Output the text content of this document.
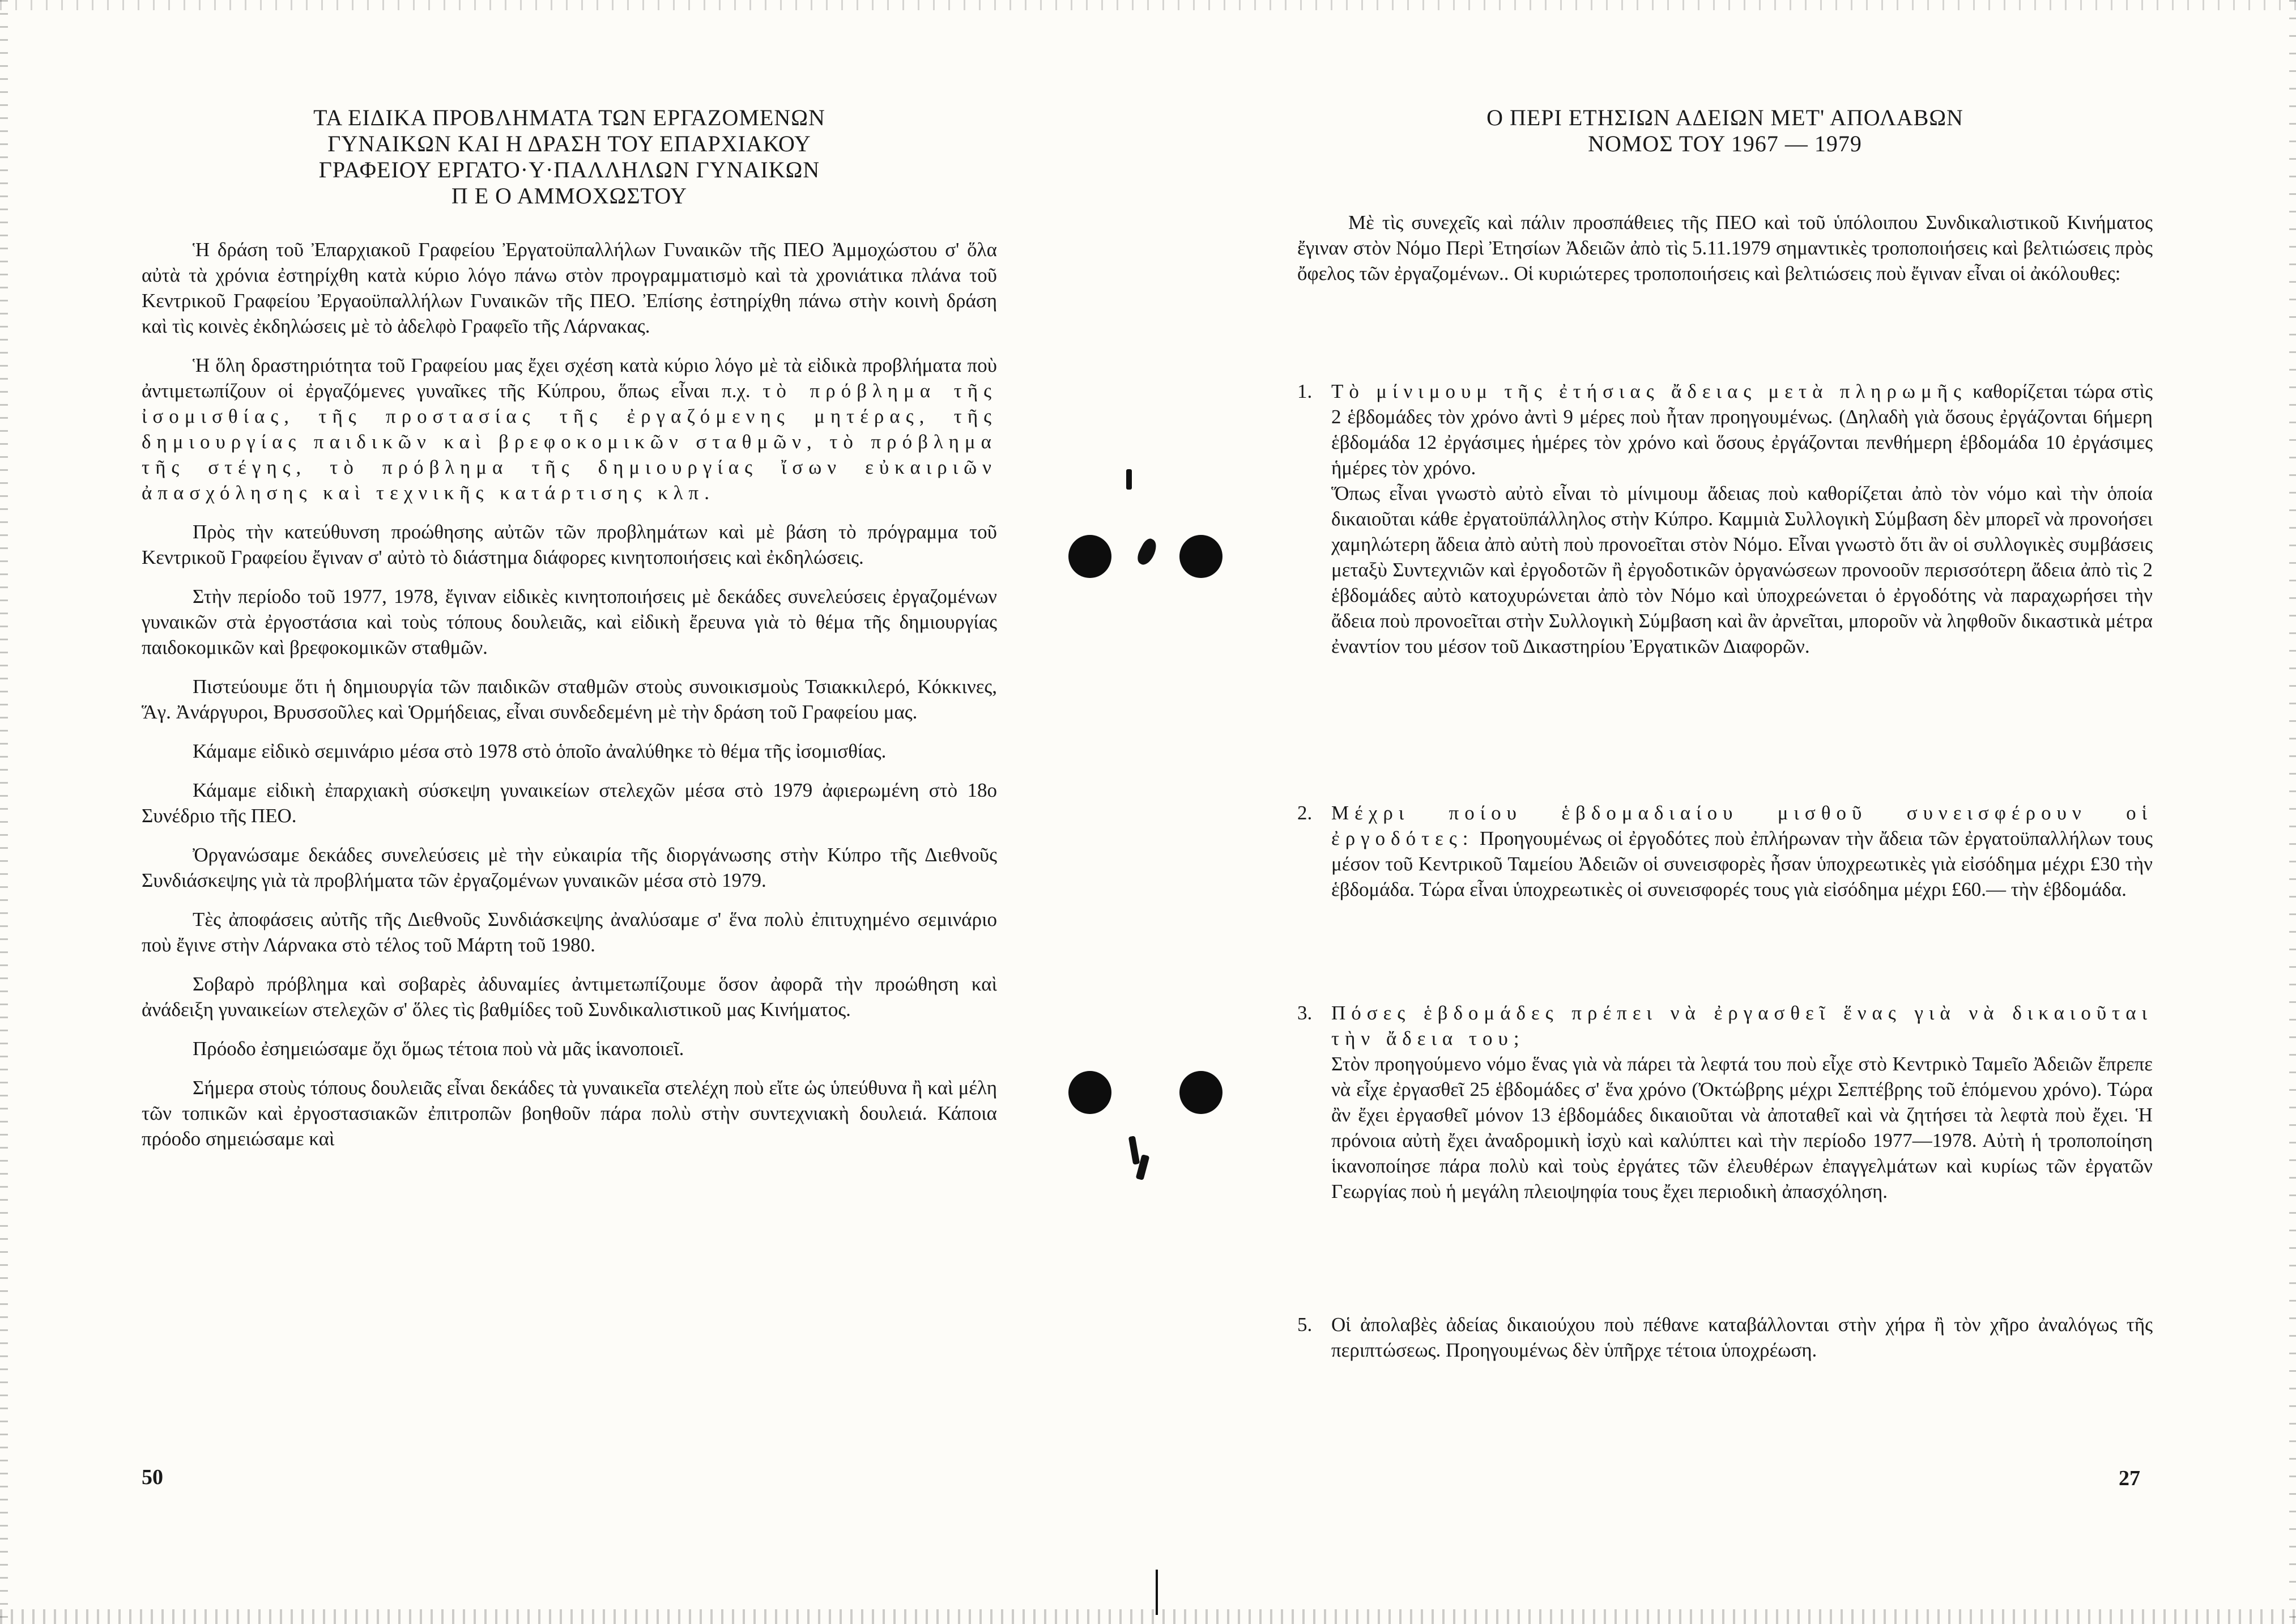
ΤΑ ΕΙΔΙΚΑ ΠΡΟΒΛΗΜΑΤΑ ΤΩΝ ΕΡΓΑΖΟΜΕΝΩΝ
ΓΥΝΑΙΚΩΝ ΚΑΙ Η ΔΡΑΣΗ ΤΟΥ ΕΠΑΡΧΙΑΚΟΥ
ΓΡΑΦΕΙΟΥ ΕΡΓΑΤΟ·Υ·ΠΑΛΛΗΛΩΝ ΓΥΝΑΙΚΩΝ
Π Ε Ο ΑΜΜΟΧΩΣΤΟΥ

Ἡ δράση τοῦ Ἐπαρχιακοῦ Γραφείου Ἐργατοϋπαλλήλων Γυναικῶν τῆς ΠΕΟ Ἀμμοχώστου σ' ὅλα αὐτὰ τὰ χρόνια ἐστηρίχθη κατὰ κύριο λόγο πάνω στὸν προγραμματισμὸ καὶ τὰ χρονιάτικα πλάνα τοῦ Κεντρικοῦ Γραφείου Ἐργαοϋπαλλήλων Γυναικῶν τῆς ΠΕΟ. Ἐπίσης ἐστηρίχθη πάνω στὴν κοινὴ δράση καὶ τὶς κοινὲς ἐκδηλώσεις μὲ τὸ ἀδελφὸ Γραφεῖο τῆς Λάρνακας.

Ἡ ὅλη δραστηριότητα τοῦ Γραφείου μας ἔχει σχέση κατὰ κύριο λόγο μὲ τὰ εἰδικὰ προβλήματα ποὺ ἀντιμετωπίζουν οἱ ἐργαζόμενες γυναῖκες τῆς Κύπρου, ὅπως εἶναι π.χ. τὸ πρόβλημα τῆς ἰσομισθίας, τῆς προστασίας τῆς ἐργαζόμενης μητέρας, τῆς δημιουργίας παιδικῶν καὶ βρεφοκομικῶν σταθμῶν, τὸ πρόβλημα τῆς στέγης, τὸ πρόβλημα τῆς δημιουργίας ἴσων εὐκαιριῶν ἀπασχόλησης καὶ τεχνικῆς κατάρτισης κλπ.

Πρὸς τὴν κατεύθυνση προώθησης αὐτῶν τῶν προβλημάτων καὶ μὲ βάση τὸ πρόγραμμα τοῦ Κεντρικοῦ Γραφείου ἔγιναν σ' αὐτὸ τὸ διάστημα διάφορες κινητοποιήσεις καὶ ἐκδηλώσεις.

Στὴν περίοδο τοῦ 1977, 1978, ἔγιναν εἰδικὲς κινητοποιήσεις μὲ δεκάδες συνελεύσεις ἐργαζομένων γυναικῶν στὰ ἐργοστάσια καὶ τοὺς τόπους δουλειᾶς, καὶ εἰδικὴ ἔρευνα γιὰ τὸ θέμα τῆς δημιουργίας παιδοκομικῶν καὶ βρεφοκομικῶν σταθμῶν.

Πιστεύουμε ὅτι ἡ δημιουργία τῶν παιδικῶν σταθμῶν στοὺς συνοικισμοὺς Τσιακκιλερό, Κόκκινες, Ἅγ. Ἀνάργυροι, Βρυσσοῦλες καὶ Ὁρμήδειας, εἶναι συνδεδεμένη μὲ τὴν δράση τοῦ Γραφείου μας.

Κάμαμε εἰδικὸ σεμινάριο μέσα στὸ 1978 στὸ ὁποῖο ἀναλύθηκε τὸ θέμα τῆς ἰσομισθίας.

Κάμαμε εἰδικὴ ἐπαρχιακὴ σύσκεψη γυναικείων στελεχῶν μέσα στὸ 1979 ἀφιερωμένη στὸ 18ο Συνέδριο τῆς ΠΕΟ.

Ὀργανώσαμε δεκάδες συνελεύσεις μὲ τὴν εὐκαιρία τῆς διοργάνωσης στὴν Κύπρο τῆς Διεθνοῦς Συνδιάσκεψης γιὰ τὰ προβλήματα τῶν ἐργαζομένων γυναικῶν μέσα στὸ 1979.

Τὲς ἀποφάσεις αὐτῆς τῆς Διεθνοῦς Συνδιάσκεψης ἀναλύσαμε σ' ἕνα πολὺ ἐπιτυχημένο σεμινάριο ποὺ ἔγινε στὴν Λάρνακα στὸ τέλος τοῦ Μάρτη τοῦ 1980.

Σοβαρὸ πρόβλημα καὶ σοβαρὲς ἀδυναμίες ἀντιμετωπίζουμε ὅσον ἀφορᾶ τὴν προώθηση καὶ ἀνάδειξη γυναικείων στελεχῶν σ' ὅλες τὶς βαθμίδες τοῦ Συνδικαλιστικοῦ μας Κινήματος.

Πρόοδο ἐσημειώσαμε ὄχι ὅμως τέτοια ποὺ νὰ μᾶς ἱκανοποιεῖ.

Σήμερα στοὺς τόπους δουλειᾶς εἶναι δεκάδες τὰ γυναικεῖα στελέχη ποὺ εἴτε ὡς ὑπεύθυνα ἢ καὶ μέλη τῶν τοπικῶν καὶ ἐργοστασιακῶν ἐπιτροπῶν βοηθοῦν πάρα πολὺ στὴν συντεχνιακὴ δουλειά. Κάποια πρόοδο σημειώσαμε καὶ

50
Ο ΠΕΡΙ ΕΤΗΣΙΩΝ ΑΔΕΙΩΝ ΜΕΤ' ΑΠΟΛΑΒΩΝ
ΝΟΜΟΣ ΤΟΥ 1967 — 1979

Μὲ τὶς συνεχεῖς καὶ πάλιν προσπάθειες τῆς ΠΕΟ καὶ τοῦ ὑπόλοιπου Συνδικαλιστικοῦ Κινήματος ἔγιναν στὸν Νόμο Περὶ Ἐτησίων Ἀδειῶν ἀπὸ τὶς 5.11.1979 σημαντικὲς τροποποιήσεις καὶ βελτιώσεις πρὸς ὄφελος τῶν ἐργαζομένων.. Οἱ κυριώτερες τροποποιήσεις καὶ βελτιώσεις ποὺ ἔγιναν εἶναι οἱ ἀκόλουθες:

1. Τὸ μίνιμουμ τῆς ἐτήσιας ἄδειας μετὰ πληρωμῆς καθορίζεται τώρα στὶς 2 ἑβδομάδες τὸν χρόνο ἀντὶ 9 μέρες ποὺ ἦταν προηγουμένως. (Δηλαδὴ γιὰ ὅσους ἐργάζονται 6ήμερη ἑβδομάδα 12 ἐργάσιμες ἡμέρες τὸν χρόνο καὶ ὅσους ἐργάζονται πενθήμερη ἑβδομάδα 10 ἐργάσιμες ἡμέρες τὸν χρόνο.

Ὅπως εἶναι γνωστὸ αὐτὸ εἶναι τὸ μίνιμουμ ἄδειας ποὺ καθορίζεται ἀπὸ τὸν νόμο καὶ τὴν ὁποία δικαιοῦται κάθε ἐργατοϋπάλληλος στὴν Κύπρο. Καμμιὰ Συλλογικὴ Σύμβαση δὲν μπορεῖ νὰ προνοήσει χαμηλώτερη ἄδεια ἀπὸ αὐτὴ ποὺ προνοεῖται στὸν Νόμο. Εἶναι γνωστὸ ὅτι ἂν οἱ συλλογικὲς συμβάσεις μεταξὺ Συντεχνιῶν καὶ ἐργοδοτῶν ἢ ἐργοδοτικῶν ὀργανώσεων προνοοῦν περισσότερη ἄδεια ἀπὸ τὶς 2 ἑβδομάδες αὐτὸ κατοχυρώνεται ἀπὸ τὸν Νόμο καὶ ὑποχρεώνεται ὁ ἐργοδότης νὰ παραχωρήσει τὴν ἄδεια ποὺ προνοεῖται στὴν Συλλογικὴ Σύμβαση καὶ ἂν ἀρνεῖται, μποροῦν νὰ ληφθοῦν δικαστικὰ μέτρα ἐναντίον του μέσον τοῦ Δικαστηρίου Ἐργατικῶν Διαφορῶν.

2. Μέχρι ποίου ἑβδομαδιαίου μισθοῦ συνεισφέρουν οἱ ἐργοδότες: Προηγουμένως οἱ ἐργοδότες ποὺ ἐπλήρωναν τὴν ἄδεια τῶν ἐργατοϋπαλλήλων τους μέσον τοῦ Κεντρικοῦ Ταμείου Ἀδειῶν οἱ συνεισφορὲς ἦσαν ὑποχρεωτικὲς γιὰ εἰσόδημα μέχρι £30 τὴν ἑβδομάδα. Τώρα εἶναι ὑποχρεωτικὲς οἱ συνεισφορές τους γιὰ εἰσόδημα μέχρι £60.— τὴν ἑβδομάδα.

3. Πόσες ἑβδομάδες πρέπει νὰ ἐργασθεῖ ἕνας γιὰ νὰ δικαιοῦται τὴν ἄδεια του;

Στὸν προηγούμενο νόμο ἕνας γιὰ νὰ πάρει τὰ λεφτά του ποὺ εἶχε στὸ Κεντρικὸ Ταμεῖο Ἀδειῶν ἔπρεπε νὰ εἶχε ἐργασθεῖ 25 ἑβδομάδες σ' ἕνα χρόνο (Ὀκτώβρης μέχρι Σεπτέβρης τοῦ ἑπόμενου χρόνο). Τώρα ἂν ἔχει ἐργασθεῖ μόνον 13 ἑβδομάδες δικαιοῦται νὰ ἀποταθεῖ καὶ νὰ ζητήσει τὰ λεφτὰ ποὺ ἔχει. Ἡ πρόνοια αὐτὴ ἔχει ἀναδρομικὴ ἰσχὺ καὶ καλύπτει καὶ τὴν περίοδο 1977—1978. Αὐτὴ ἡ τροποποίηση ἱκανοποίησε πάρα πολὺ καὶ τοὺς ἐργάτες τῶν ἐλευθέρων ἐπαγγελμάτων καὶ κυρίως τῶν ἐργατῶν Γεωργίας ποὺ ἡ μεγάλη πλειοψηφία τους ἔχει περιοδικὴ ἀπασχόληση.

5. Οἱ ἀπολαβὲς ἀδείας δικαιούχου ποὺ πέθανε καταβάλλονται στὴν χήρα ἢ τὸν χῆρο ἀναλόγως τῆς περιπτώσεως. Προηγουμένως δὲν ὑπῆρχε τέτοια ὑποχρέωση.

27
